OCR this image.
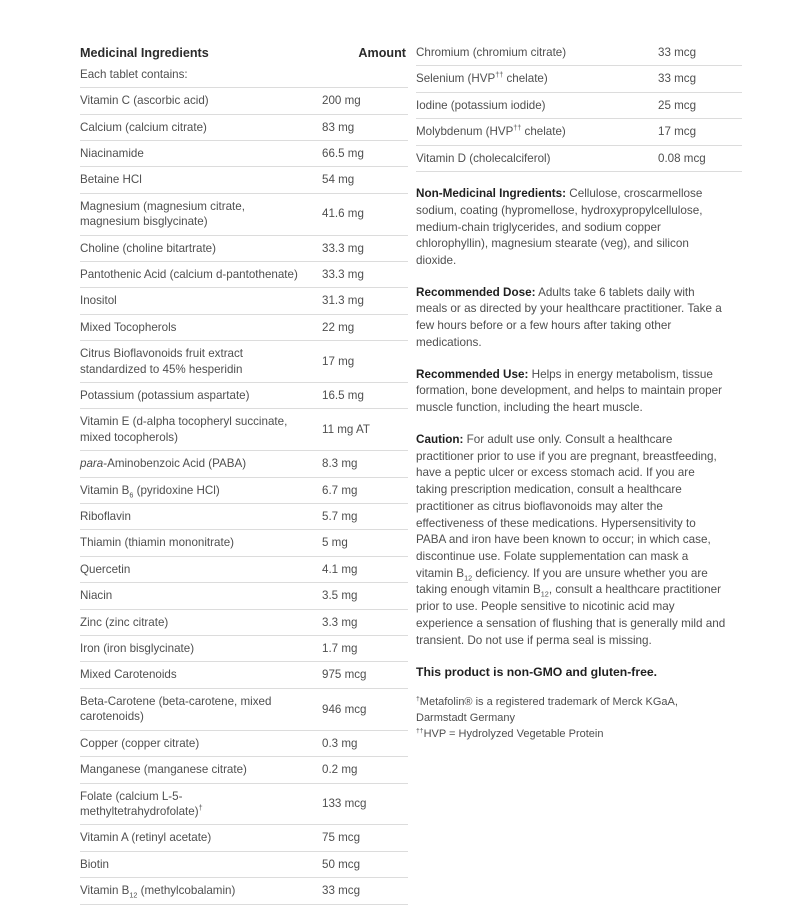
Medicinal Ingredients	Amount
Each tablet contains:	
Vitamin C (ascorbic acid)	200 mg
Calcium (calcium citrate)	83 mg
Niacinamide	66.5 mg
Betaine HCl	54 mg
Magnesium (magnesium citrate, magnesium bisglycinate)	41.6 mg
Choline (choline bitartrate)	33.3 mg
Pantothenic Acid (calcium d-pantothenate)	33.3 mg
Inositol	31.3 mg
Mixed Tocopherols	22 mg
Citrus Bioflavonoids fruit extract standardized to 45% hesperidin	17 mg
Potassium (potassium aspartate)	16.5 mg
Vitamin E (d-alpha tocopheryl succinate, mixed tocopherols)	11 mg AT
para-Aminobenzoic Acid (PABA)	8.3 mg
Vitamin $B_6$ (pyridoxine HCl)	6.7 mg
Riboflavin	5.7 mg
Thiamin (thiamin mononitrate)	5 mg
Quercetin	4.1 mg
Niacin	3.5 mg
Zinc (zinc citrate)	3.3 mg
Iron (iron bisglycinate)	1.7 mg
Mixed Carotenoids	975 mcg
Beta-Carotene (beta-carotene, mixed carotenoids)	946 mcg
Copper (copper citrate)	0.3 mg
Manganese (manganese citrate)	0.2 mg
Folate (calcium L-5-methyltetrahydrofolate)†	133 mcg
Vitamin A (retinyl acetate)	75 mcg
Biotin	50 mcg
Vitamin $B_{12}$ (methylcobalamin)	33 mcg
Chromium (chromium citrate)	33 mcg
Selenium (HVP†† chelate)	33 mcg
Iodine (potassium iodide)	25 mcg
Molybdenum (HVP†† chelate)	17 mcg
Vitamin D (cholecalciferol)	0.08 mcg
Non-Medicinal Ingredients: Cellulose, croscarmellose sodium, coating (hypromellose, hydroxypropylcellulose, medium-chain triglycerides, and sodium copper chlorophyllin), magnesium stearate (veg), and silicon dioxide.
Recommended Dose: Adults take 6 tablets daily with meals or as directed by your healthcare practitioner. Take a few hours before or a few hours after taking other medications.
Recommended Use: Helps in energy metabolism, tissue formation, bone development, and helps to maintain proper muscle function, including the heart muscle.
Caution: For adult use only. Consult a healthcare practitioner prior to use if you are pregnant, breastfeeding, have a peptic ulcer or excess stomach acid. If you are taking prescription medication, consult a healthcare practitioner as citrus bioflavonoids may alter the effectiveness of these medications. Hypersensitivity to PABA and iron have been known to occur; in which case, discontinue use. Folate supplementation can mask a vitamin $B_{12}$ deficiency. If you are unsure whether you are taking enough vitamin $B_{12}$, consult a healthcare practitioner prior to use. People sensitive to nicotinic acid may experience a sensation of flushing that is generally mild and transient. Do not use if perma seal is missing.
This product is non-GMO and gluten-free.
†Metafolin® is a registered trademark of Merck KGaA, Darmstadt Germany
††HVP = Hydrolyzed Vegetable Protein
